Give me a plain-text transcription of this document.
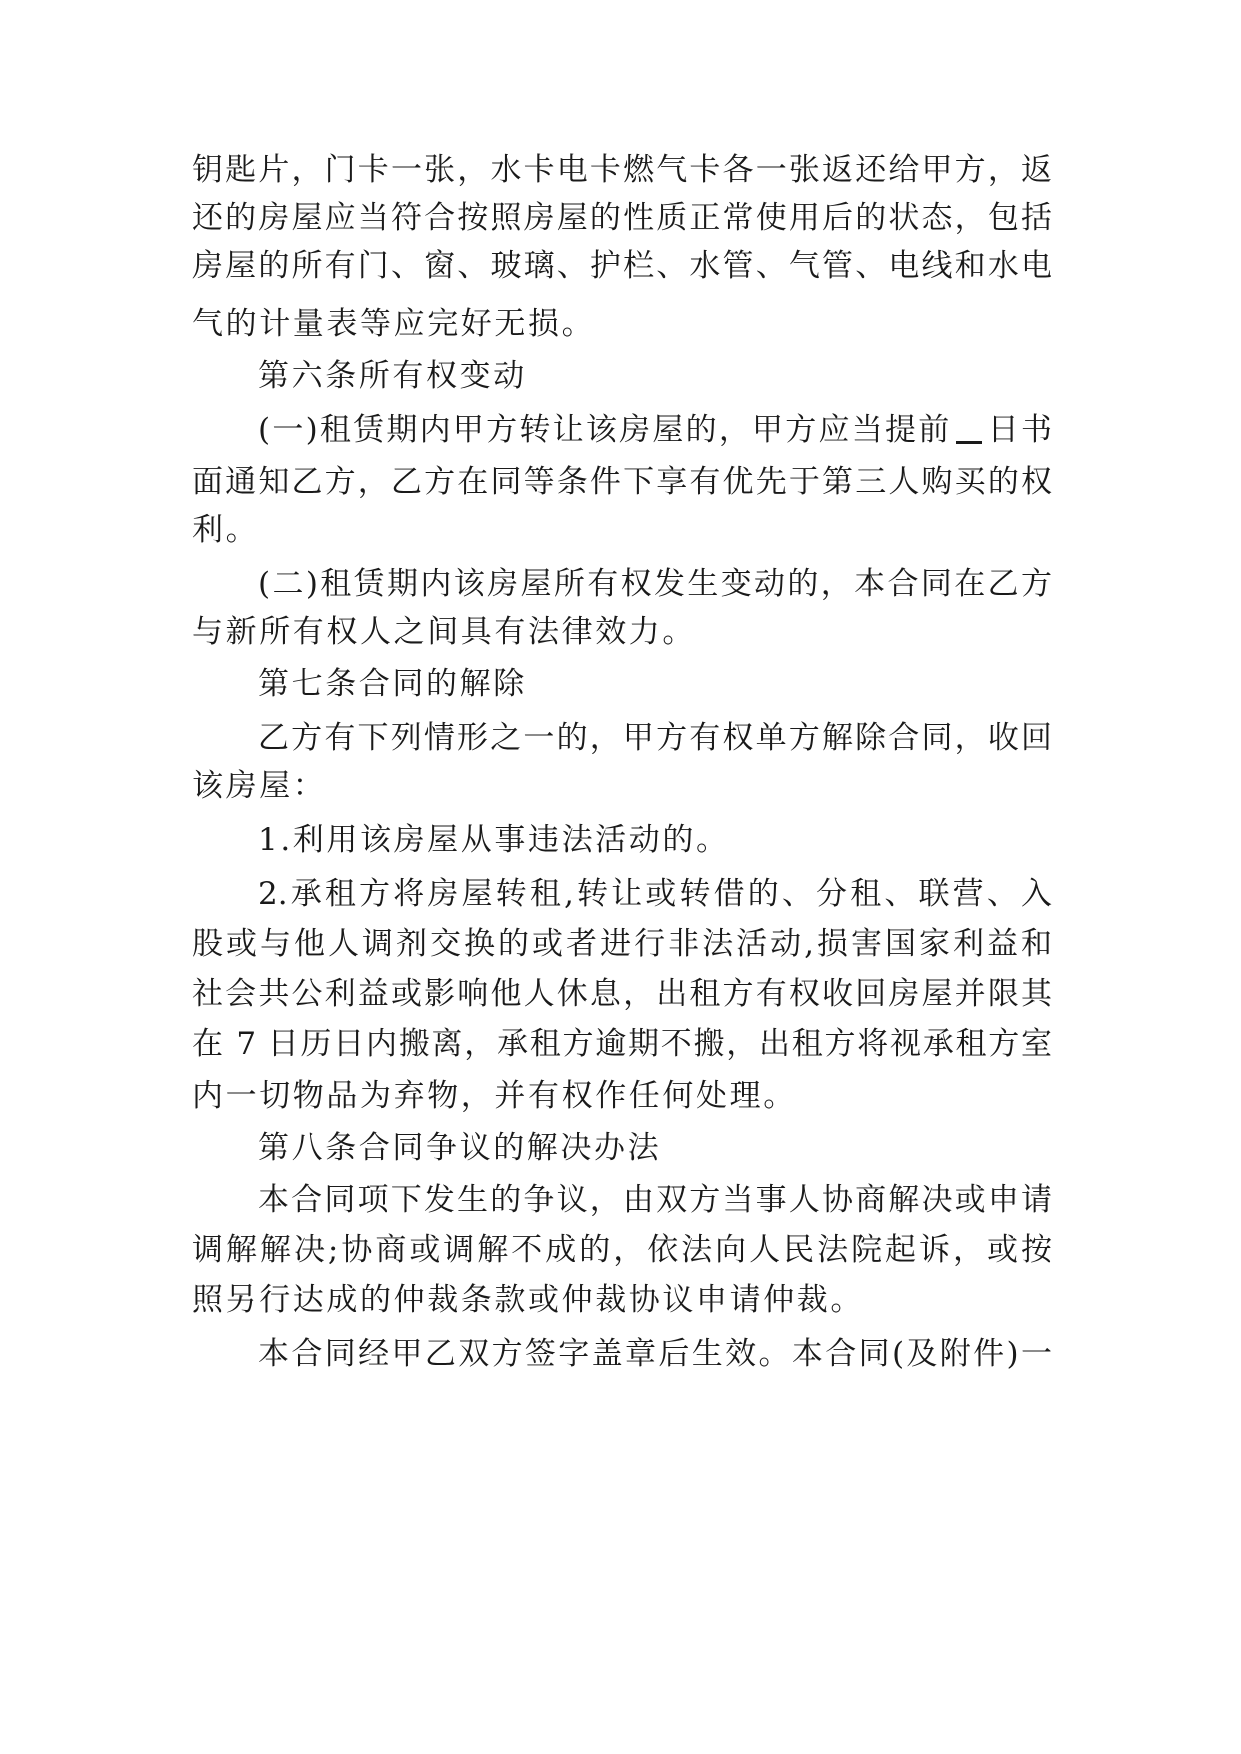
钥匙片，门卡一张，水卡电卡燃气卡各一张返还给甲方，返
还的房屋应当符合按照房屋的性质正常使用后的状态，包括
房屋的所有门、窗、玻璃、护栏、水管、气管、电线和水电
气的计量表等应完好无损。
第六条所有权变动
(一)租赁期内甲方转让该房屋的，甲方应当提前 日书
面通知乙方，乙方在同等条件下享有优先于第三人购买的权
利。
(二)租赁期内该房屋所有权发生变动的，本合同在乙方
与新所有权人之间具有法律效力。
第七条合同的解除
乙方有下列情形之一的，甲方有权单方解除合同，收回
该房屋：
1.利用该房屋从事违法活动的。
2.承租方将房屋转租,转让或转借的、分租、联营、入
股或与他人调剂交换的或者进行非法活动,损害国家利益和
社会共公利益或影响他人休息，出租方有权收回房屋并限其
在 7 日历日内搬离，承租方逾期不搬，出租方将视承租方室
内一切物品为弃物，并有权作任何处理。
第八条合同争议的解决办法
本合同项下发生的争议，由双方当事人协商解决或申请
调解解决;协商或调解不成的，依法向人民法院起诉，或按
照另行达成的仲裁条款或仲裁协议申请仲裁。
本合同经甲乙双方签字盖章后生效。本合同(及附件)一
